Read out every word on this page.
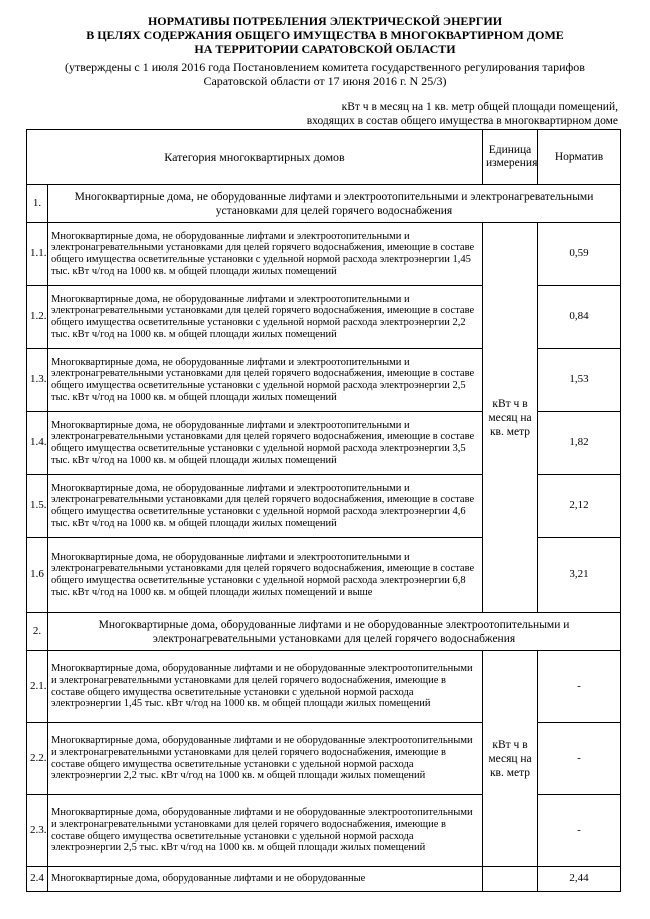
НОРМАТИВЫ ПОТРЕБЛЕНИЯ ЭЛЕКТРИЧЕСКОЙ ЭНЕРГИИ
В ЦЕЛЯХ СОДЕРЖАНИЯ ОБЩЕГО ИМУЩЕСТВА В МНОГОКВАРТИРНОМ ДОМЕ
НА ТЕРРИТОРИИ САРАТОВСКОЙ ОБЛАСТИ
(утверждены с 1 июля 2016 года Постановлением комитета государственного регулирования тарифов
Саратовской области от 17 июня 2016 г. N 25/3)
кВт ч в месяц на 1 кв. метр общей площади помещений,
входящих в состав общего имущества в многоквартирном доме
Категория многоквартирных домов		Единица измерения	Норматив
1.	Многоквартирные дома, не оборудованные лифтами и электроотопительными и электронагревательными установками для целей горячего водоснабжения		
1.1.	Многоквартирные дома, не оборудованные лифтами и электроотопительными и электронагревательными установками для целей горячего водоснабжения, имеющие в составе общего имущества осветительные установки с удельной нормой расхода электроэнергии 1,45 тыс. кВт ч/год на 1000 кв. м общей площади жилых помещений	кВт ч в месяц на кв. метр	0,59
1.2.	Многоквартирные дома, не оборудованные лифтами и электроотопительными и электронагревательными установками для целей горячего водоснабжения, имеющие в составе общего имущества осветительные установки с удельной нормой расхода электроэнергии 2,2 тыс. кВт ч/год на 1000 кв. м общей площади жилых помещений		0,84
1.3.	Многоквартирные дома, не оборудованные лифтами и электроотопительными и электронагревательными установками для целей горячего водоснабжения, имеющие в составе общего имущества осветительные установки с удельной нормой расхода электроэнергии 2,5 тыс. кВт ч/год на 1000 кв. м общей площади жилых помещений		1,53
1.4.	Многоквартирные дома, не оборудованные лифтами и электроотопительными и электронагревательными установками для целей горячего водоснабжения, имеющие в составе общего имущества осветительные установки с удельной нормой расхода электроэнергии 3,5 тыс. кВт ч/год на 1000 кв. м общей площади жилых помещений		1,82
1.5.	Многоквартирные дома, не оборудованные лифтами и электроотопительными и электронагревательными установками для целей горячего водоснабжения, имеющие в составе общего имущества осветительные установки с удельной нормой расхода электроэнергии 4,6 тыс. кВт ч/год на 1000 кв. м общей площади жилых помещений		2,12
1.6	Многоквартирные дома, не оборудованные лифтами и электроотопительными и электронагревательными установками для целей горячего водоснабжения, имеющие в составе общего имущества осветительные установки с удельной нормой расхода электроэнергии 6,8 тыс. кВт ч/год на 1000 кв. м общей площади жилых помещений и выше		3,21
2.	Многоквартирные дома, оборудованные лифтами и не оборудованные электроотопительными и электронагревательными установками для целей горячего водоснабжения		
2.1.	Многоквартирные дома, оборудованные лифтами и не оборудованные электроотопительными и электронагревательными установками для целей горячего водоснабжения, имеющие в составе общего имущества осветительные установки с удельной нормой расхода электроэнергии 1,45 тыс. кВт ч/год на 1000 кв. м общей площади жилых помещений	кВт ч в месяц на кв. метр	-
2.2.	Многоквартирные дома, оборудованные лифтами и не оборудованные электроотопительными и электронагревательными установками для целей горячего водоснабжения, имеющие в составе общего имущества осветительные установки с удельной нормой расхода электроэнергии 2,2 тыс. кВт ч/год на 1000 кв. м общей площади жилых помещений		-
2.3.	Многоквартирные дома, оборудованные лифтами и не оборудованные электроотопительными и электронагревательными установками для целей горячего водоснабжения, имеющие в составе общего имущества осветительные установки с удельной нормой расхода электроэнергии 2,5 тыс. кВт ч/год на 1000 кв. м общей площади жилых помещений		-
2.4	Многоквартирные дома, оборудованные лифтами и не оборудованные		2,44
